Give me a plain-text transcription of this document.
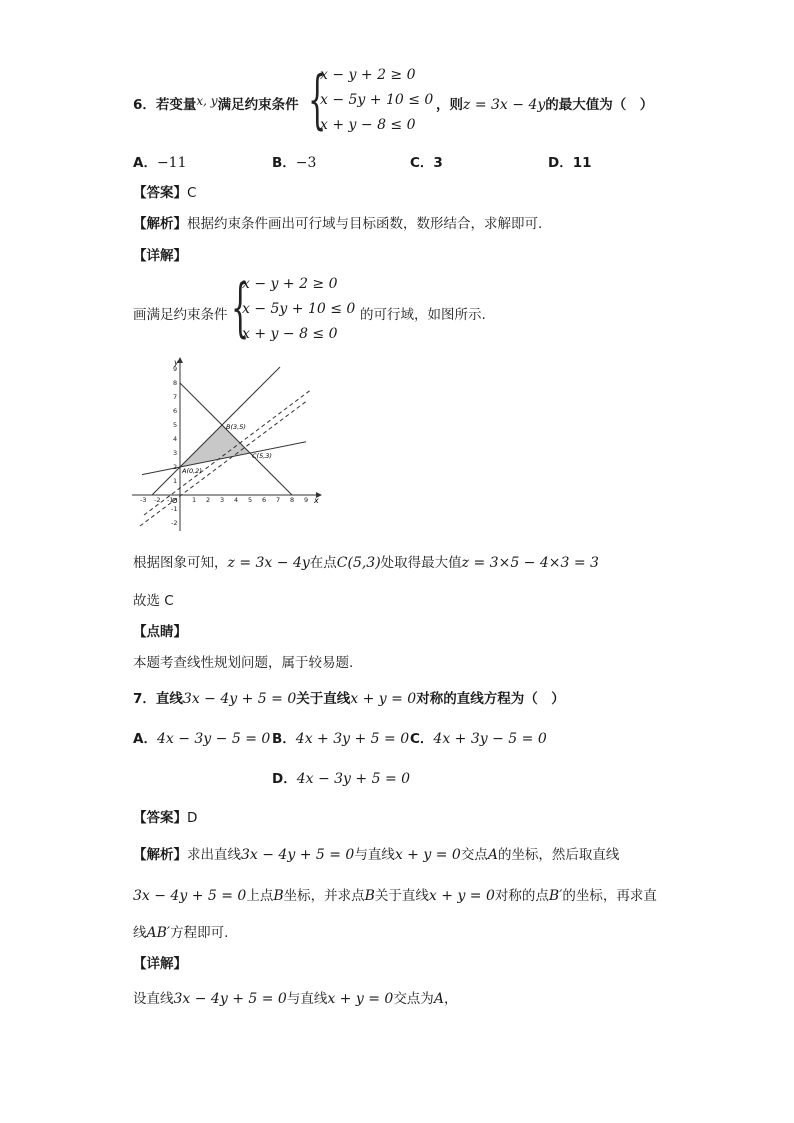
6．若变量x, y满足约束条件 {
x − y + 2 ≥ 0
x − 5y + 10 ≤ 0
x + y − 8 ≤ 0
，则z = 3x − 4y的最大值为（　）
A．−11	B．−3	C．3	D．11
【答案】C
【解析】根据约束条件画出可行域与目标函数，数形结合，求解即可.
【详解】
画满足约束条件 {
x − y + 2 ≥ 0
x − 5y + 10 ≤ 0
x + y − 8 ≤ 0
的可行域，如图所示.
x
y
O
-3 -2 -1	1 2 3 4 5 6 7 8 9
9
8
7
6
5
4
3
2
1
-1
-2
A(0,2)
B(3,5)
C(5,3)
根据图象可知，z = 3x − 4y在点C(5,3)处取得最大值z = 3×5 − 4×3 = 3
故选 C
【点睛】
本题考查线性规划问题，属于较易题.
7．直线3x − 4y + 5 = 0关于直线x + y = 0对称的直线方程为（　）
A．4x − 3y − 5 = 0 B．4x + 3y + 5 = 0 C．4x + 3y − 5 = 0
D．4x − 3y + 5 = 0
【答案】D
【解析】求出直线3x − 4y + 5 = 0与直线x + y = 0交点A的坐标，然后取直线
3x − 4y + 5 = 0上点B坐标，并求点B关于直线x + y = 0对称的点B′的坐标，再求直
线AB′方程即可.
【详解】
设直线3x − 4y + 5 = 0与直线x + y = 0交点为A，
